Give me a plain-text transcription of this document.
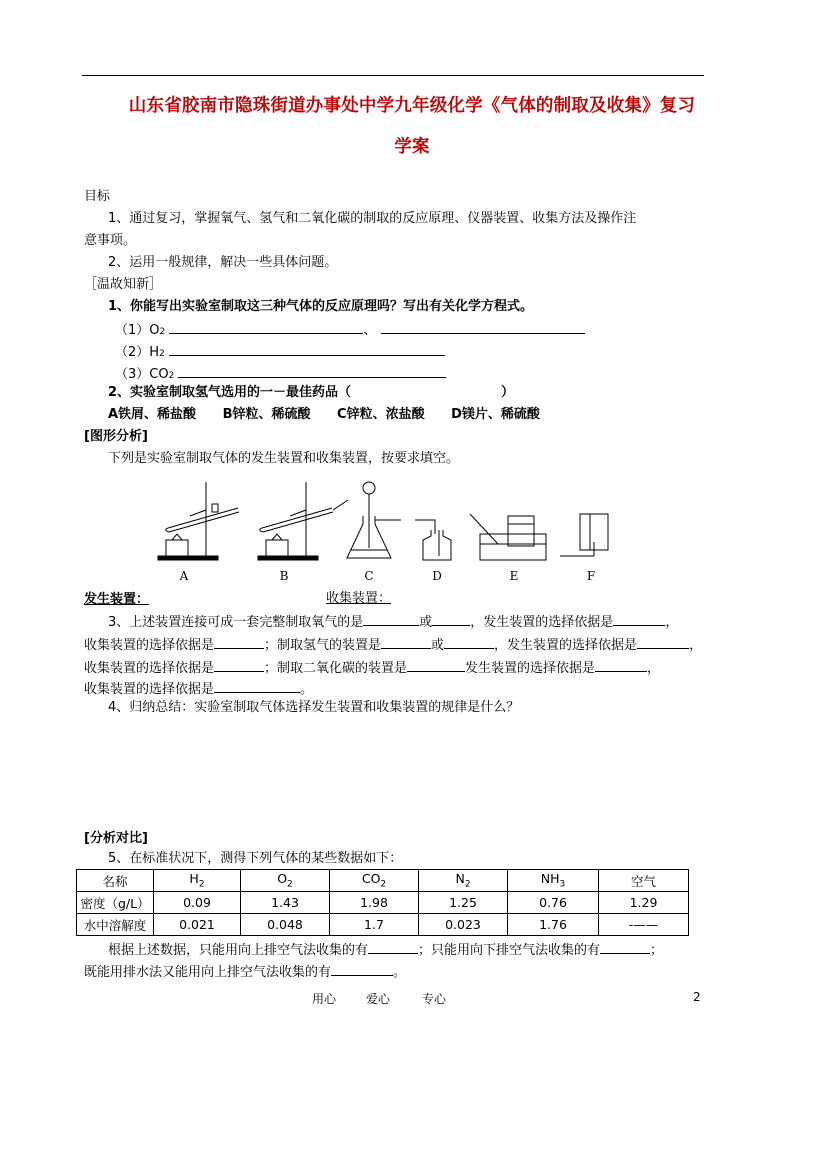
山东省胶南市隐珠街道办事处中学九年级化学《气体的制取及收集》复习
学案
目标
1、通过复习，掌握氧气、氢气和二氧化碳的制取的反应原理、仪器装置、收集方法及操作注
意事项。
2、运用一般规律，解决一些具体问题。
［温故知新］
1、你能写出实验室制取这三种气体的反应原理吗？写出有关化学方程式。
（1）O2	、
（2）H2
（3）CO2
2、实验室制取氢气选用的一－最佳药品（	）
A铁屑、稀盐酸 B锌粒、稀硫酸 C锌粒、浓盐酸 D镁片、稀硫酸
[图形分析]
下列是实验室制取气体的发生装置和收集装置，按要求填空。
A	B	C	D	E	F
发生装置：	收集装置：
3、上述装置连接可成一套完整制取氧气的是	或	，发生装置的选择依据是	，
收集装置的选择依据是	；制取氢气的装置是	或	，发生装置的选择依据是	，
收集装置的选择依据是	；制取二氧化碳的装置是	发生装置的选择依据是	，
收集装置的选择依据是	。
4、归纳总结：实验室制取气体选择发生装置和收集装置的规律是什么？
[分析对比]
5、在标准状况下，测得下列气体的某些数据如下：
名称	$H_2$	$O_2$	$CO_2$	$N_2$	$NH_3$	空气
密度（g/L）	0.09	1.43	1.98	1.25	0.76	1.29
水中溶解度	0.021	0.048	1.7	0.023	1.76	-——
根据上述数据，只能用向上排空气法收集的有	；只能用向下排空气法收集的有	；
既能用排水法又能用向上排空气法收集的有	。
用心 爱心	专心	2
